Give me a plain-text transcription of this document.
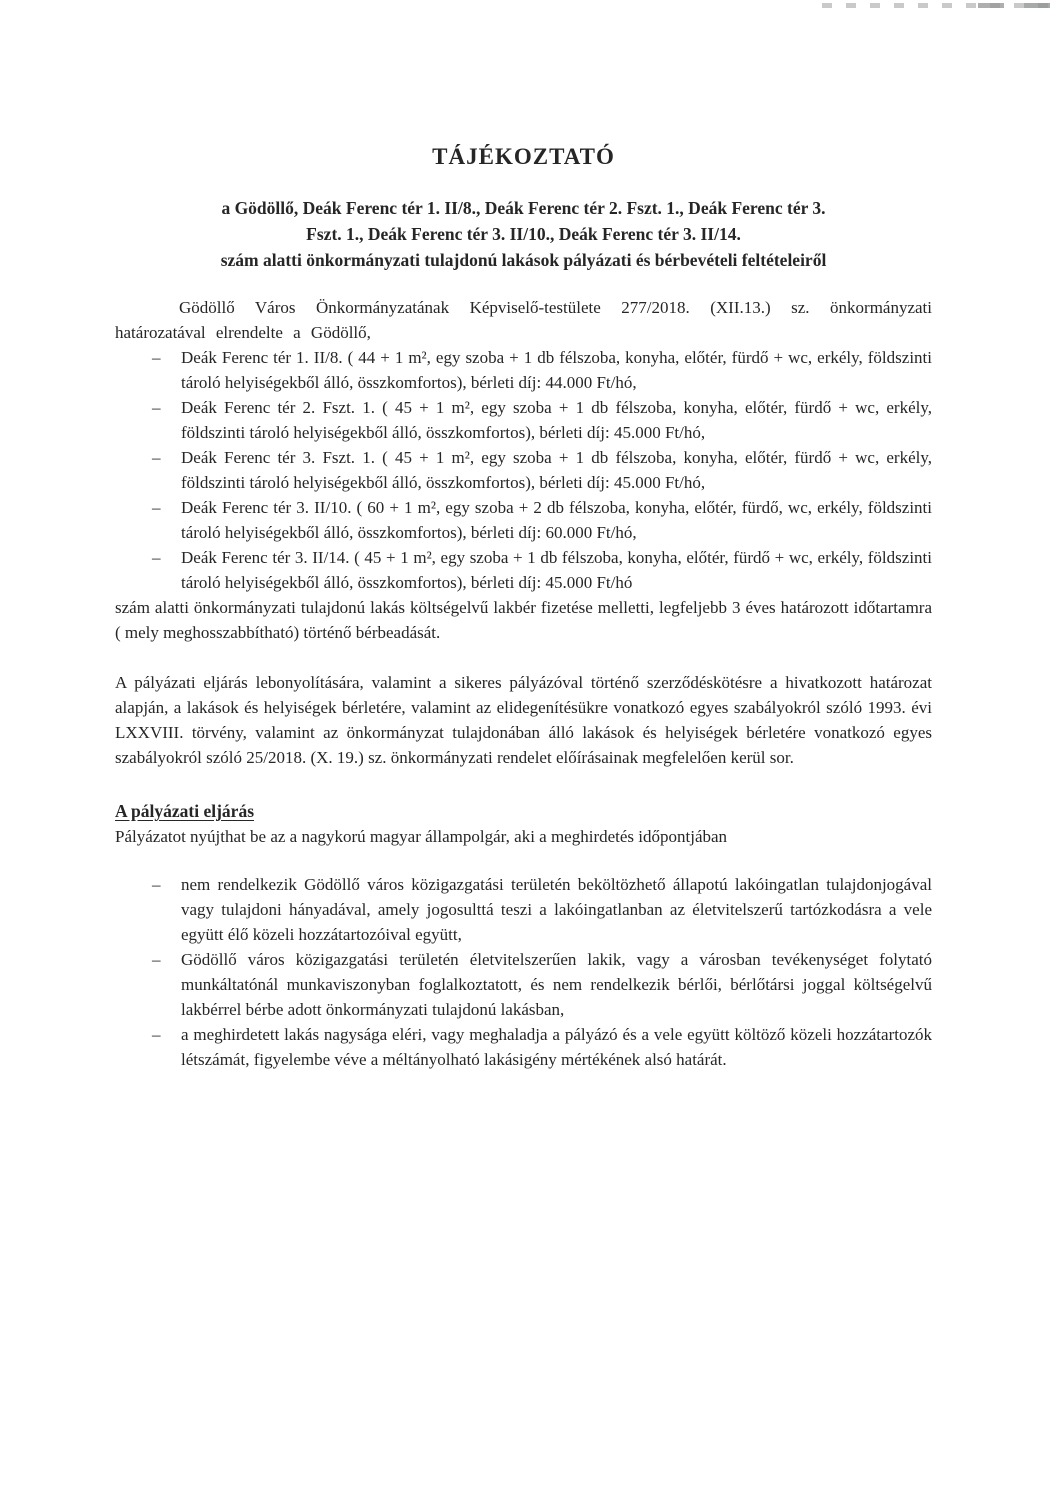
TÁJÉKOZTATÓ
a Gödöllő, Deák Ferenc tér 1. II/8., Deák Ferenc tér 2. Fszt. 1., Deák Ferenc tér 3.
Fszt. 1., Deák Ferenc tér 3. II/10., Deák Ferenc tér 3. II/14.
szám alatti önkormányzati tulajdonú lakások pályázati és bérbevételi feltételeiről

Gödöllő Város Önkormányzatának Képviselő-testülete 277/2018. (XII.13.) sz. önkormányzati határozatával elrendelte a Gödöllő,

– Deák Ferenc tér 1. II/8. ( 44 + 1 m², egy szoba + 1 db félszoba, konyha, előtér, fürdő + wc, erkély, földszinti tároló helyiségekből álló, összkomfortos), bérleti díj: 44.000 Ft/hó,
– Deák Ferenc tér 2. Fszt. 1. ( 45 + 1 m², egy szoba + 1 db félszoba, konyha, előtér, fürdő + wc, erkély, földszinti tároló helyiségekből álló, összkomfortos), bérleti díj: 45.000 Ft/hó,
– Deák Ferenc tér 3. Fszt. 1. ( 45 + 1 m², egy szoba + 1 db félszoba, konyha, előtér, fürdő + wc, erkély, földszinti tároló helyiségekből álló, összkomfortos), bérleti díj: 45.000 Ft/hó,
– Deák Ferenc tér 3. II/10. ( 60 + 1 m², egy szoba + 2 db félszoba, konyha, előtér, fürdő, wc, erkély, földszinti tároló helyiségekből álló, összkomfortos), bérleti díj: 60.000 Ft/hó,
– Deák Ferenc tér 3. II/14. ( 45 + 1 m², egy szoba + 1 db félszoba, konyha, előtér, fürdő + wc, erkély, földszinti tároló helyiségekből álló, összkomfortos), bérleti díj: 45.000 Ft/hó

szám alatti önkormányzati tulajdonú lakás költségelvű lakbér fizetése melletti, legfeljebb 3 éves határozott időtartamra ( mely meghosszabbítható) történő bérbeadását.

A pályázati eljárás lebonyolítására, valamint a sikeres pályázóval történő szerződéskötésre a hivatkozott határozat alapján, a lakások és helyiségek bérletére, valamint az elidegenítésükre vonatkozó egyes szabályokról szóló 1993. évi LXXVIII. törvény, valamint az önkormányzat tulajdonában álló lakások és helyiségek bérletére vonatkozó egyes szabályokról szóló 25/2018. (X. 19.) sz. önkormányzati rendelet előírásainak megfelelően kerül sor.

A pályázati eljárás

Pályázatot nyújthat be az a nagykorú magyar állampolgár, aki a meghirdetés időpontjában

– nem rendelkezik Gödöllő város közigazgatási területén beköltözhető állapotú lakóingatlan tulajdonjogával vagy tulajdoni hányadával, amely jogosulttá teszi a lakóingatlanban az életvitelszerű tartózkodásra a vele együtt élő közeli hozzátartozóival együtt,
– Gödöllő város közigazgatási területén életvitelszerűen lakik, vagy a városban tevékenységet folytató munkáltatónál munkaviszonyban foglalkoztatott, és nem rendelkezik bérlői, bérlőtársi joggal költségelvű lakbérrel bérbe adott önkormányzati tulajdonú lakásban,
– a meghirdetett lakás nagysága eléri, vagy meghaladja a pályázó és a vele együtt költöző közeli hozzátartozók létszámát, figyelembe véve a méltányolható lakásigény mértékének alsó határát.
